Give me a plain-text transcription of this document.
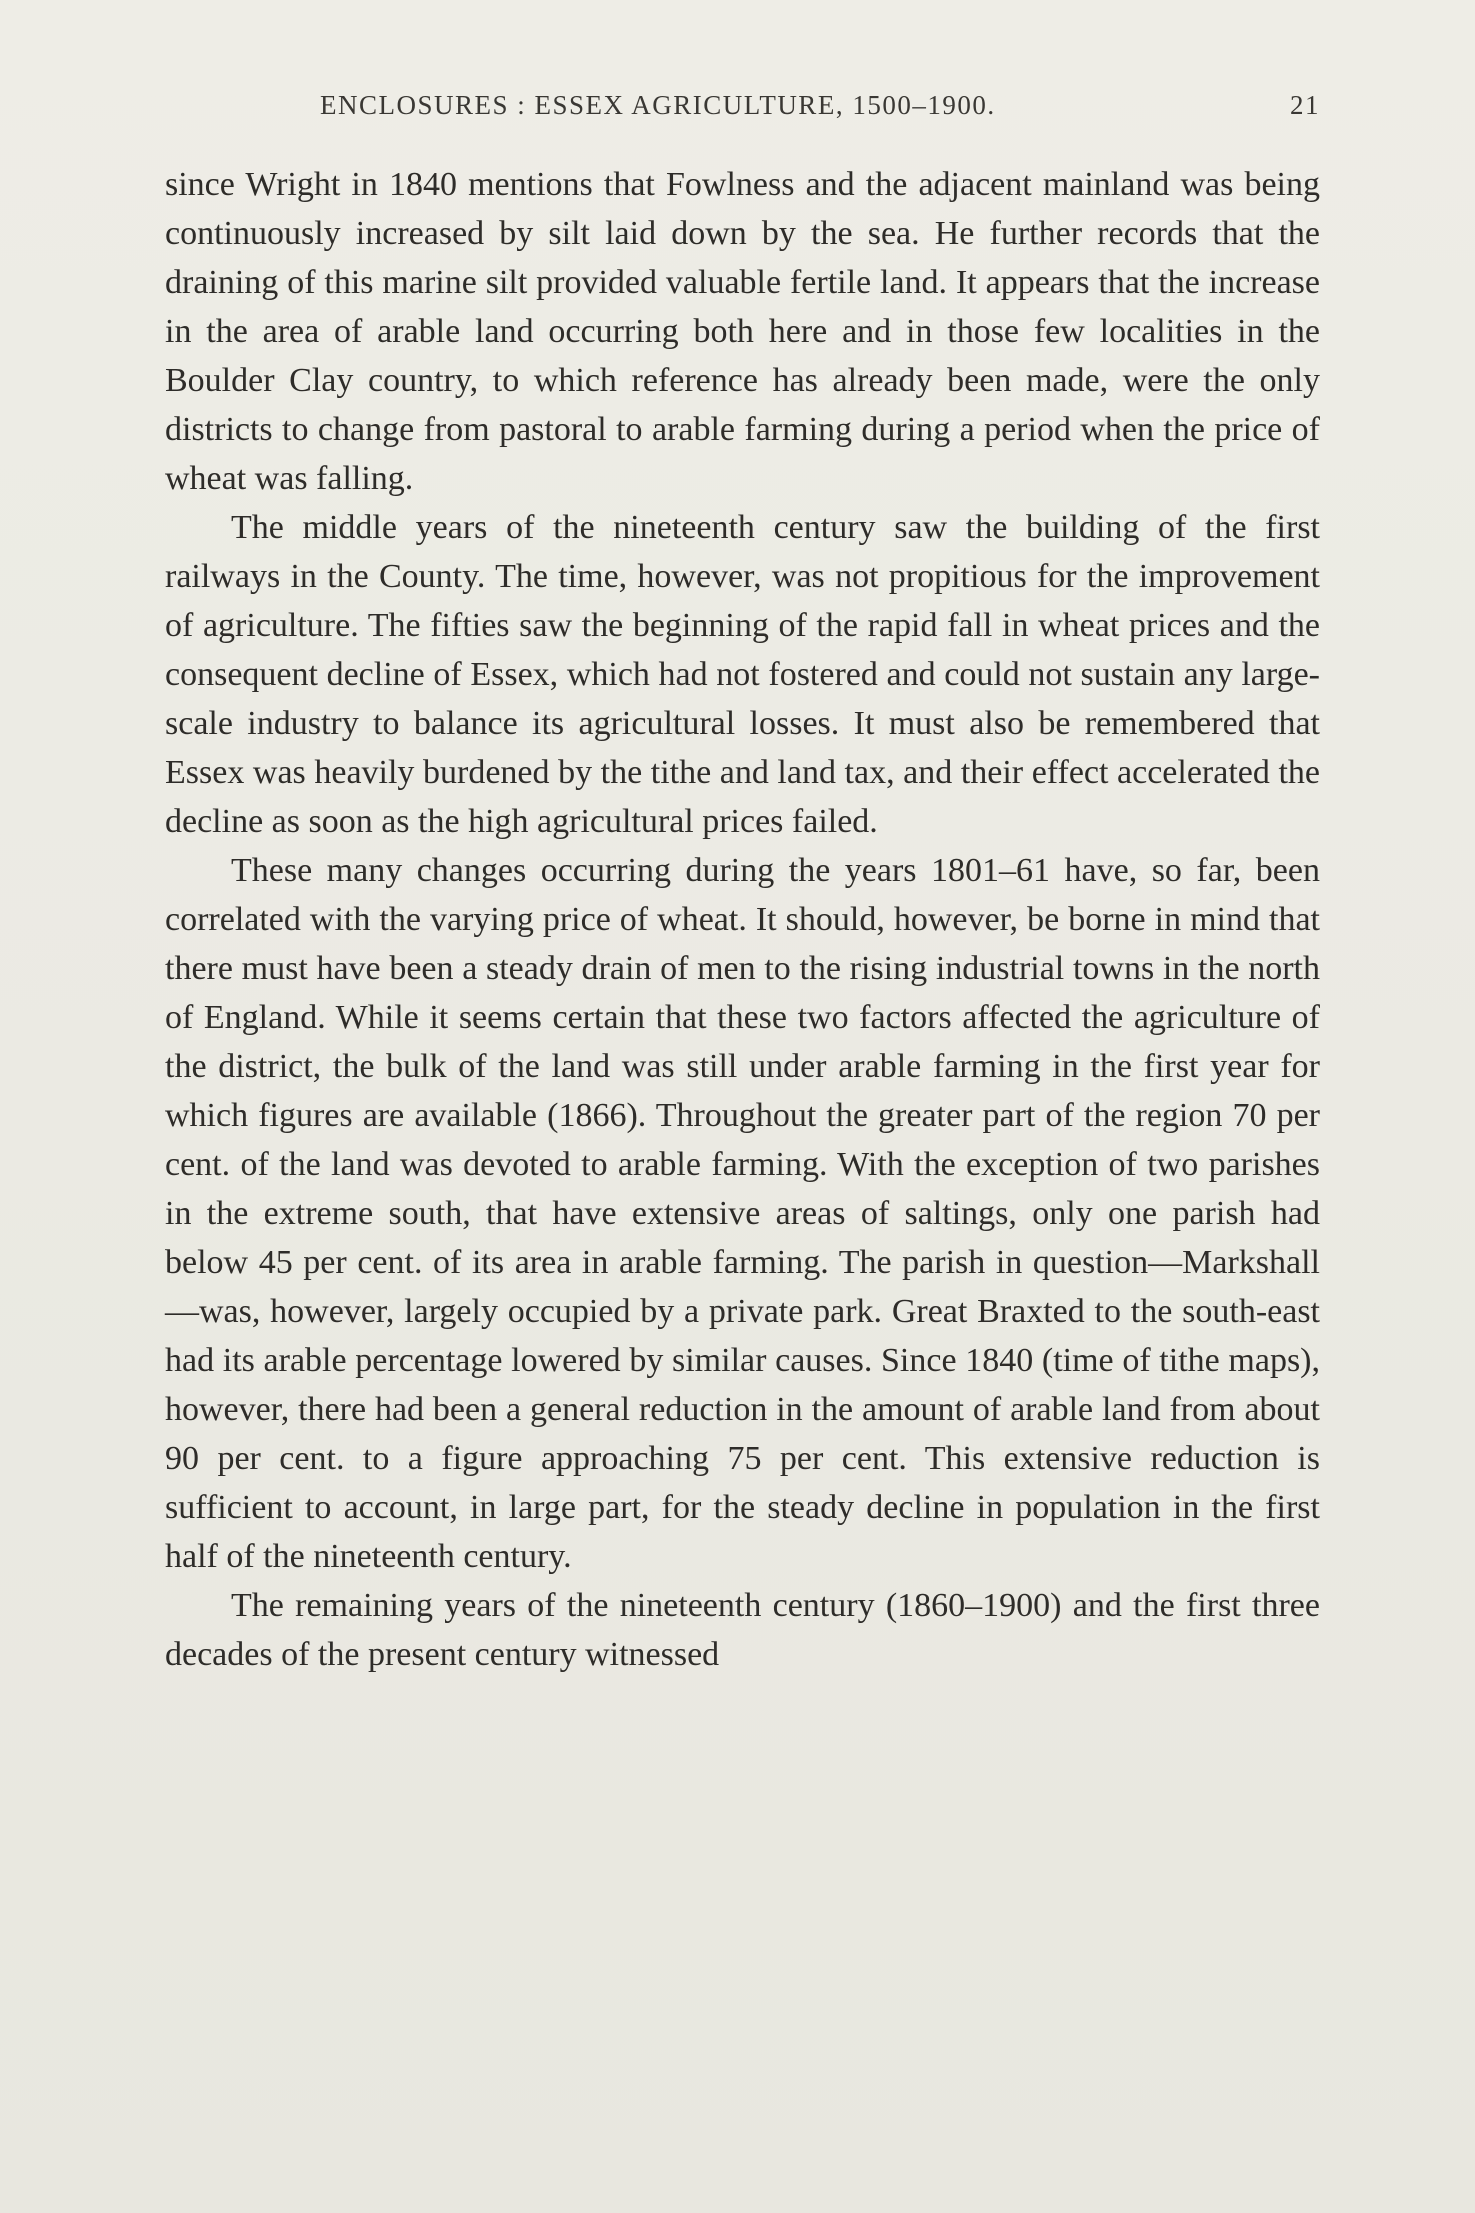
ENCLOSURES : ESSEX AGRICULTURE, 1500–1900.	21

since Wright in 1840 mentions that Fowlness and the adjacent mainland was being continuously increased by silt laid down by the sea. He further records that the draining of this marine silt provided valuable fertile land. It appears that the increase in the area of arable land occurring both here and in those few localities in the Boulder Clay country, to which reference has already been made, were the only districts to change from pastoral to arable farming during a period when the price of wheat was falling.

The middle years of the nineteenth century saw the building of the first railways in the County. The time, however, was not propitious for the improvement of agriculture. The fifties saw the beginning of the rapid fall in wheat prices and the consequent decline of Essex, which had not fostered and could not sustain any large-scale industry to balance its agricultural losses. It must also be remembered that Essex was heavily burdened by the tithe and land tax, and their effect accelerated the decline as soon as the high agricultural prices failed.

These many changes occurring during the years 1801–61 have, so far, been correlated with the varying price of wheat. It should, however, be borne in mind that there must have been a steady drain of men to the rising industrial towns in the north of England. While it seems certain that these two factors affected the agriculture of the district, the bulk of the land was still under arable farming in the first year for which figures are available (1866). Throughout the greater part of the region 70 per cent. of the land was devoted to arable farming. With the exception of two parishes in the extreme south, that have extensive areas of saltings, only one parish had below 45 per cent. of its area in arable farming. The parish in question—Markshall—was, however, largely occupied by a private park. Great Braxted to the south-east had its arable percentage lowered by similar causes. Since 1840 (time of tithe maps), however, there had been a general reduction in the amount of arable land from about 90 per cent. to a figure approaching 75 per cent. This extensive reduction is sufficient to account, in large part, for the steady decline in population in the first half of the nineteenth century.

The remaining years of the nineteenth century (1860–1900) and the first three decades of the present century witnessed
